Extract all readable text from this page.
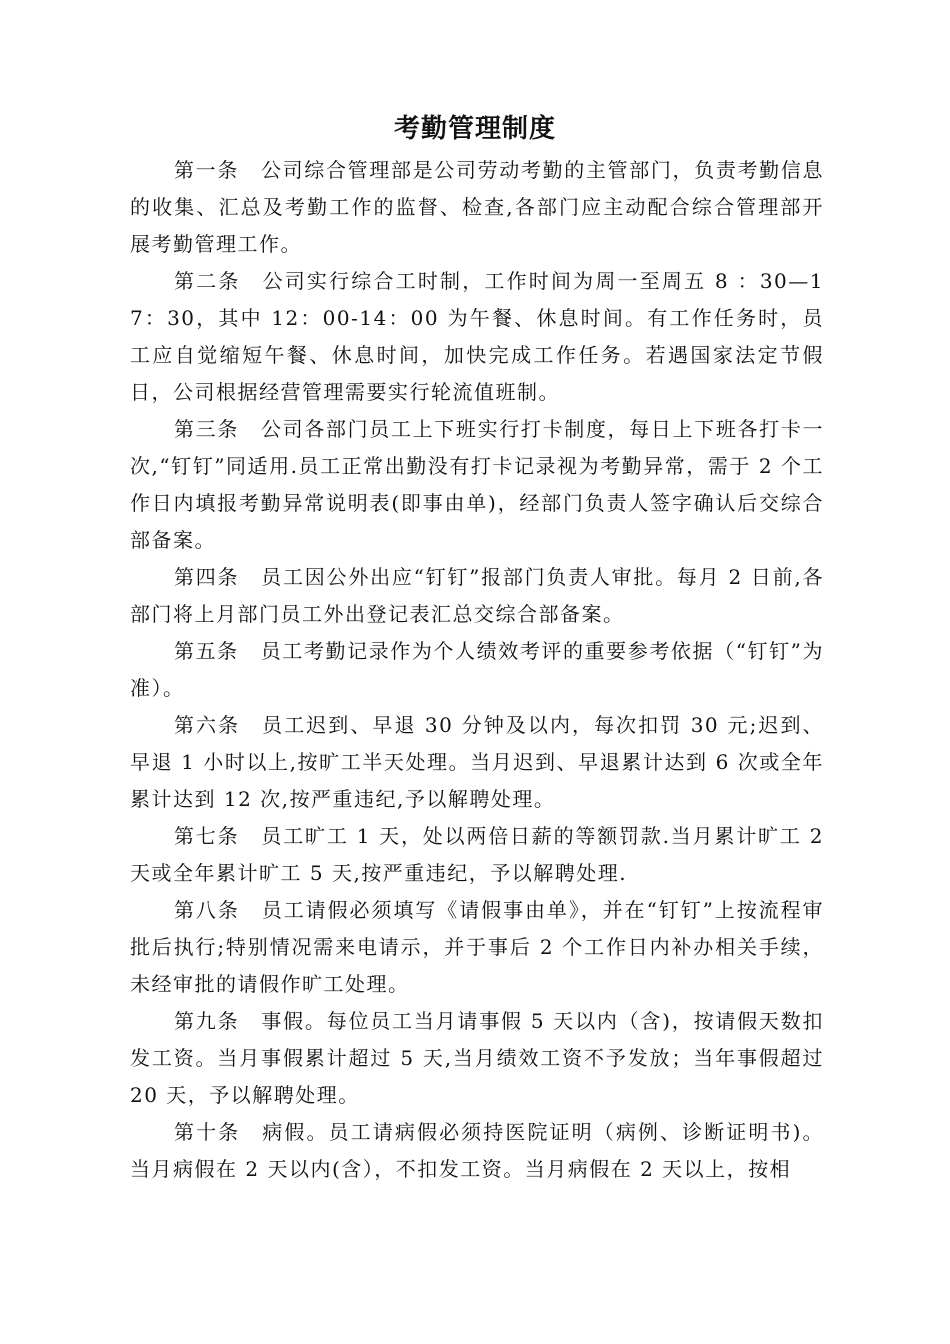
考勤管理制度

第一条 公司综合管理部是公司劳动考勤的主管部门，负责考勤信息的收集、汇总及考勤工作的监督、检查,各部门应主动配合综合管理部开展考勤管理工作。

第二条 公司实行综合工时制，工作时间为周一至周五 8 ：30—17：30，其中 12：00-14：00 为午餐、休息时间。有工作任务时，员工应自觉缩短午餐、休息时间，加快完成工作任务。若遇国家法定节假日，公司根据经营管理需要实行轮流值班制。

第三条 公司各部门员工上下班实行打卡制度，每日上下班各打卡一次,“钉钉”同适用.员工正常出勤没有打卡记录视为考勤异常，需于 2 个工作日内填报考勤异常说明表(即事由单)，经部门负责人签字确认后交综合部备案。

第四条 员工因公外出应“钉钉”报部门负责人审批。每月 2 日前,各部门将上月部门员工外出登记表汇总交综合部备案。

第五条 员工考勤记录作为个人绩效考评的重要参考依据（“钉钉”为准）。

第六条 员工迟到、早退 30 分钟及以内，每次扣罚 30 元;迟到、早退 1 小时以上,按旷工半天处理。当月迟到、早退累计达到 6 次或全年累计达到 12 次,按严重违纪,予以解聘处理。

第七条 员工旷工 1 天，处以两倍日薪的等额罚款.当月累计旷工 2 天或全年累计旷工 5 天,按严重违纪，予以解聘处理.

第八条 员工请假必须填写《请假事由单》，并在“钉钉”上按流程审批后执行;特别情况需来电请示，并于事后 2 个工作日内补办相关手续，未经审批的请假作旷工处理。

第九条 事假。每位员工当月请事假 5 天以内（含)，按请假天数扣发工资。当月事假累计超过 5 天,当月绩效工资不予发放；当年事假超过 20 天，予以解聘处理。

第十条 病假。员工请病假必须持医院证明（病例、诊断证明书)。当月病假在 2 天以内(含），不扣发工资。当月病假在 2 天以上，按相
